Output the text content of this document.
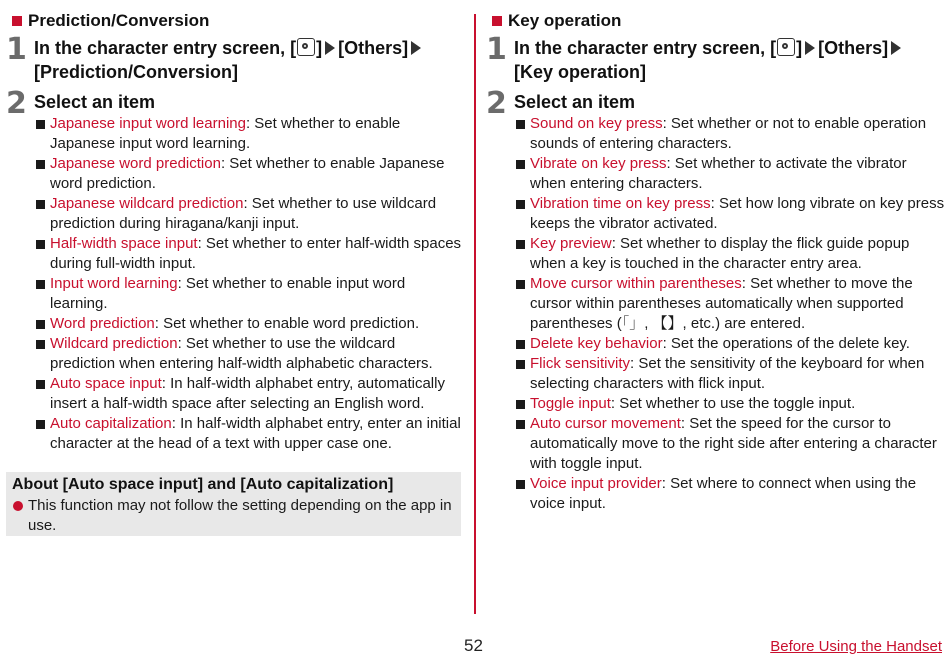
Prediction/Conversion
1 In the character entry screen, [ ] [Others]
[Prediction/Conversion]
2 Select an item
Japanese input word learning: Set whether to enable Japanese input word learning.
Japanese word prediction: Set whether to enable Japanese word prediction.
Japanese wildcard prediction: Set whether to use wildcard prediction during hiragana/kanji input.
Half-width space input: Set whether to enter half-width spaces during full-width input.
Input word learning: Set whether to enable input word learning.
Word prediction: Set whether to enable word prediction.
Wildcard prediction: Set whether to use the wildcard prediction when entering half-width alphabetic characters.
Auto space input: In half-width alphabet entry, automatically insert a half-width space after selecting an English word.
Auto capitalization: In half-width alphabet entry, enter an initial character at the head of a text with upper case one.
About [Auto space input] and [Auto capitalization]
This function may not follow the setting depending on the app in use.
Key operation
1 In the character entry screen, [ ] [Others]
[Key operation]
2 Select an item
Sound on key press: Set whether or not to enable operation sounds of entering characters.
Vibrate on key press: Set whether to activate the vibrator when entering characters.
Vibration time on key press: Set how long vibrate on key press keeps the vibrator activated.
Key preview: Set whether to display the flick guide popup when a key is touched in the character entry area.
Move cursor within parentheses: Set whether to move the cursor within parentheses automatically when supported parentheses (「」, 【】, etc.) are entered.
Delete key behavior: Set the operations of the delete key.
Flick sensitivity: Set the sensitivity of the keyboard for when selecting characters with flick input.
Toggle input: Set whether to use the toggle input.
Auto cursor movement: Set the speed for the cursor to automatically move to the right side after entering a character with toggle input.
Voice input provider: Set where to connect when using the voice input.
52	Before Using the Handset
